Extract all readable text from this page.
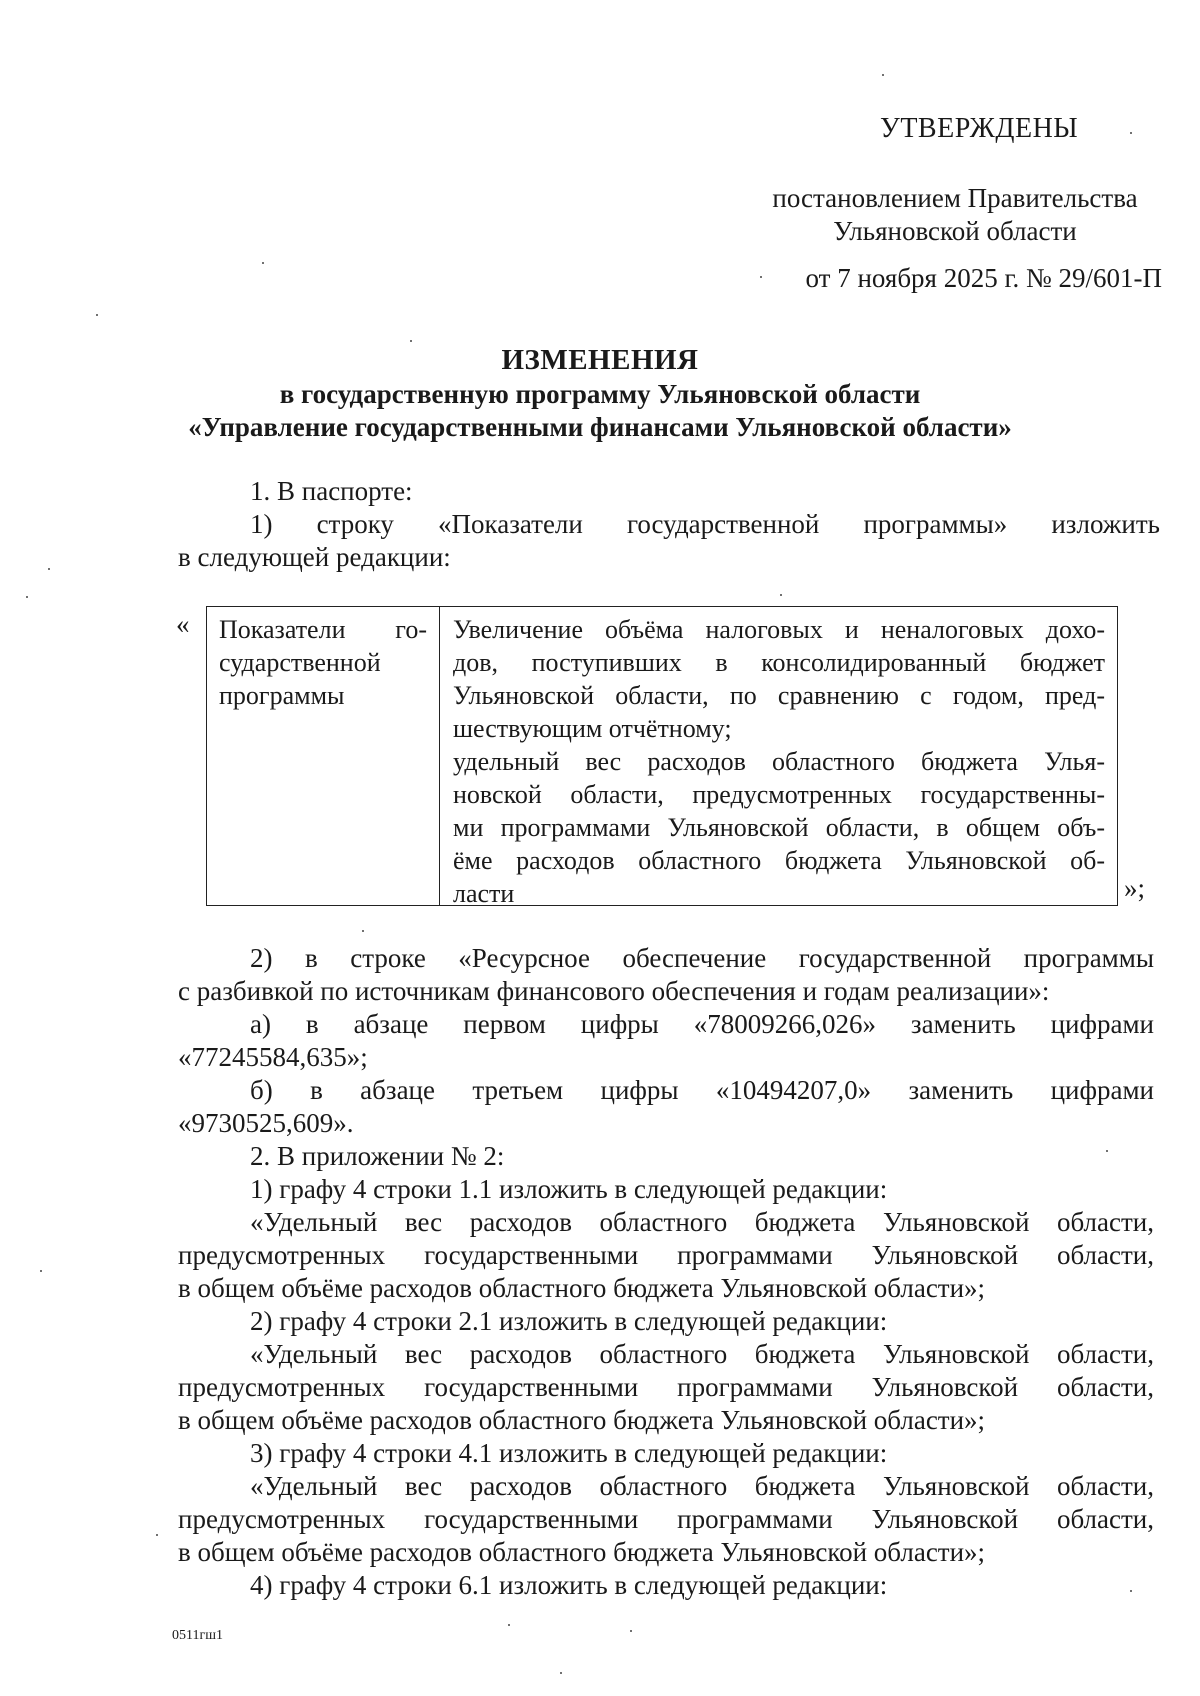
УТВЕРЖДЕНЫ
постановлением Правительства
Ульяновской области
от 7 ноября 2025 г. № 29/601-П
ИЗМЕНЕНИЯ
в государственную программу Ульяновской области
«Управление государственными финансами Ульяновской области»
1. В паспорте:
1) строку «Показатели государственной программы» изложить
в следующей редакции:
« Показатели го-
сударственной
программы
Увеличение объёма налоговых и неналоговых дохо-
дов, поступивших в консолидированный бюджет
Ульяновской области, по сравнению с годом, пред-
шествующим отчётному;
удельный вес расходов областного бюджета Улья-
новской области, предусмотренных государственны-
ми программами Ульяновской области, в общем объ-
ёме расходов областного бюджета Ульяновской об-
ласти	»;
2) в строке «Ресурсное обеспечение государственной программы
с разбивкой по источникам финансового обеспечения и годам реализации»:
а) в абзаце первом цифры «78009266,026» заменить цифрами
«77245584,635»;
б) в абзаце третьем цифры «10494207,0» заменить цифрами
«9730525,609».
2. В приложении № 2:
1) графу 4 строки 1.1 изложить в следующей редакции:
«Удельный вес расходов областного бюджета Ульяновской области,
предусмотренных государственными программами Ульяновской области,
в общем объёме расходов областного бюджета Ульяновской области»;
2) графу 4 строки 2.1 изложить в следующей редакции:
«Удельный вес расходов областного бюджета Ульяновской области,
предусмотренных государственными программами Ульяновской области,
в общем объёме расходов областного бюджета Ульяновской области»;
3) графу 4 строки 4.1 изложить в следующей редакции:
«Удельный вес расходов областного бюджета Ульяновской области,
предусмотренных государственными программами Ульяновской области,
в общем объёме расходов областного бюджета Ульяновской области»;
4) графу 4 строки 6.1 изложить в следующей редакции:
0511гш1
